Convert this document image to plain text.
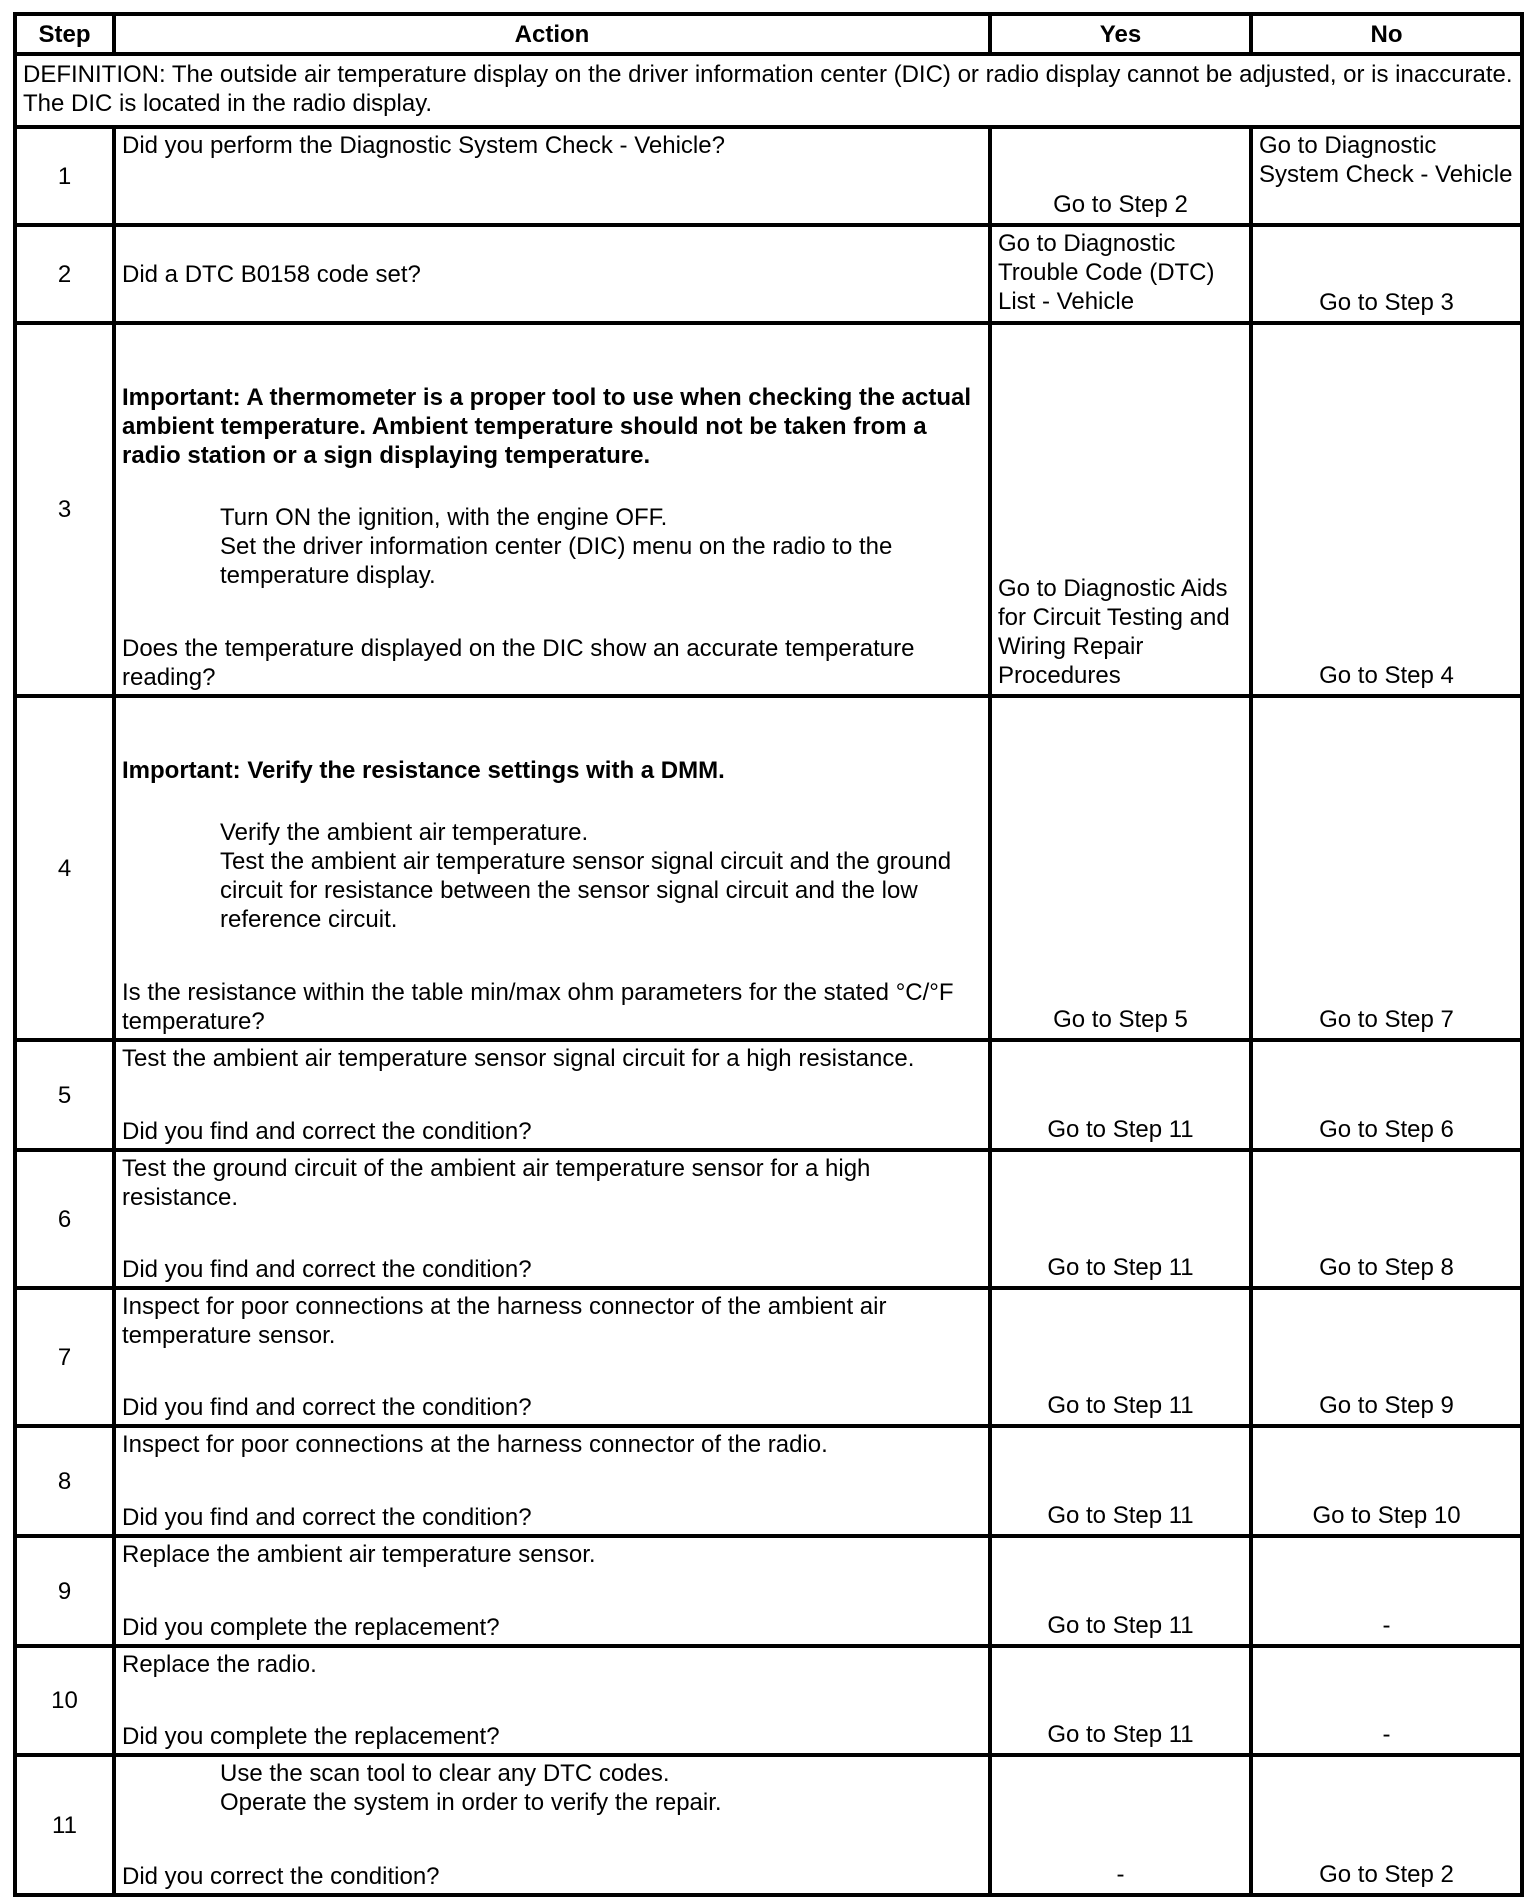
Step	Action	Yes	No
DEFINITION: The outside air temperature display on the driver information center (DIC) or radio display cannot be adjusted, or is inaccurate. The DIC is located in the radio display.			
1	Did you perform the Diagnostic System Check - Vehicle?	Go to Step 2	Go to Diagnostic System Check - Vehicle

2	Did a DTC B0158 code set?	Go to Diagnostic Trouble Code (DTC) List - Vehicle	Go to Step 3

3	Important: A thermometer is a proper tool to use when checking the actual ambient temperature. Ambient temperature should not be taken from a radio station or a sign displaying temperature.
Turn ON the ignition, with the engine OFF.
Set the driver information center (DIC) menu on the radio to the temperature display.
Does the temperature displayed on the DIC show an accurate temperature reading?	Go to Diagnostic Aids for Circuit Testing and Wiring Repair Procedures	Go to Step 4

4	Important: Verify the resistance settings with a DMM.
Verify the ambient air temperature.
Test the ambient air temperature sensor signal circuit and the ground circuit for resistance between the sensor signal circuit and the low reference circuit.
Is the resistance within the table min/max ohm parameters for the stated °C/°F temperature?	Go to Step 5	Go to Step 7

5	Test the ambient air temperature sensor signal circuit for a high resistance.
Did you find and correct the condition?	Go to Step 11	Go to Step 6

6	Test the ground circuit of the ambient air temperature sensor for a high resistance.
Did you find and correct the condition?	Go to Step 11	Go to Step 8

7	Inspect for poor connections at the harness connector of the ambient air temperature sensor.
Did you find and correct the condition?	Go to Step 11	Go to Step 9

8	Inspect for poor connections at the harness connector of the radio.
Did you find and correct the condition?	Go to Step 11	Go to Step 10

9	Replace the ambient air temperature sensor.
Did you complete the replacement?	Go to Step 11	-

10	Replace the radio.
Did you complete the replacement?	Go to Step 11	-

11	Use the scan tool to clear any DTC codes.
Operate the system in order to verify the repair.
Did you correct the condition?	-	Go to Step 2
